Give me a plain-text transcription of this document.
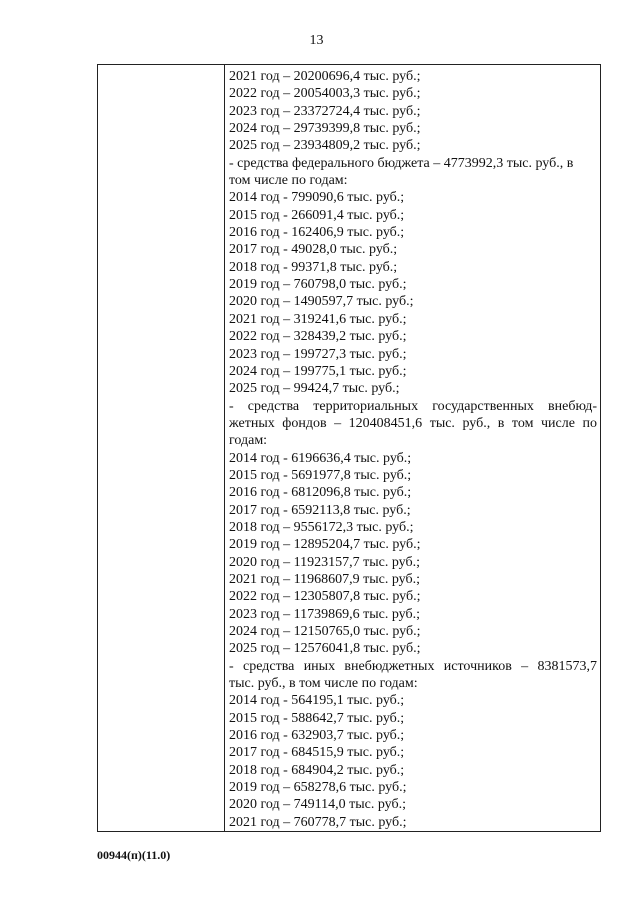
13
2021 год – 20200696,4 тыс. руб.;
2022 год – 20054003,3 тыс. руб.;
2023 год – 23372724,4 тыс. руб.;
2024 год – 29739399,8 тыс. руб.;
2025 год – 23934809,2 тыс. руб.;
- средства федерального бюджета – 4773992,3 тыс. руб., в
том числе по годам:
2014 год - 799090,6 тыс. руб.;
2015 год - 266091,4 тыс. руб.;
2016 год - 162406,9 тыс. руб.;
2017 год - 49028,0 тыс. руб.;
2018 год - 99371,8 тыс. руб.;
2019 год – 760798,0 тыс. руб.;
2020 год – 1490597,7 тыс. руб.;
2021 год – 319241,6 тыс. руб.;
2022 год – 328439,2 тыс. руб.;
2023 год – 199727,3 тыс. руб.;
2024 год – 199775,1 тыс. руб.;
2025 год – 99424,7 тыс. руб.;
- средства территориальных государственных внебюд-
жетных фондов – 120408451,6 тыс. руб., в том числе по
годам:
2014 год - 6196636,4 тыс. руб.;
2015 год - 5691977,8 тыс. руб.;
2016 год - 6812096,8 тыс. руб.;
2017 год - 6592113,8 тыс. руб.;
2018 год – 9556172,3 тыс. руб.;
2019 год – 12895204,7 тыс. руб.;
2020 год – 11923157,7 тыс. руб.;
2021 год – 11968607,9 тыс. руб.;
2022 год – 12305807,8 тыс. руб.;
2023 год – 11739869,6 тыс. руб.;
2024 год – 12150765,0 тыс. руб.;
2025 год – 12576041,8 тыс. руб.;
- средства иных внебюджетных источников – 8381573,7
тыс. руб., в том числе по годам:
2014 год - 564195,1 тыс. руб.;
2015 год - 588642,7 тыс. руб.;
2016 год - 632903,7 тыс. руб.;
2017 год - 684515,9 тыс. руб.;
2018 год - 684904,2 тыс. руб.;
2019 год – 658278,6 тыс. руб.;
2020 год – 749114,0 тыс. руб.;
2021 год – 760778,7 тыс. руб.;
00944(п)(11.0)
